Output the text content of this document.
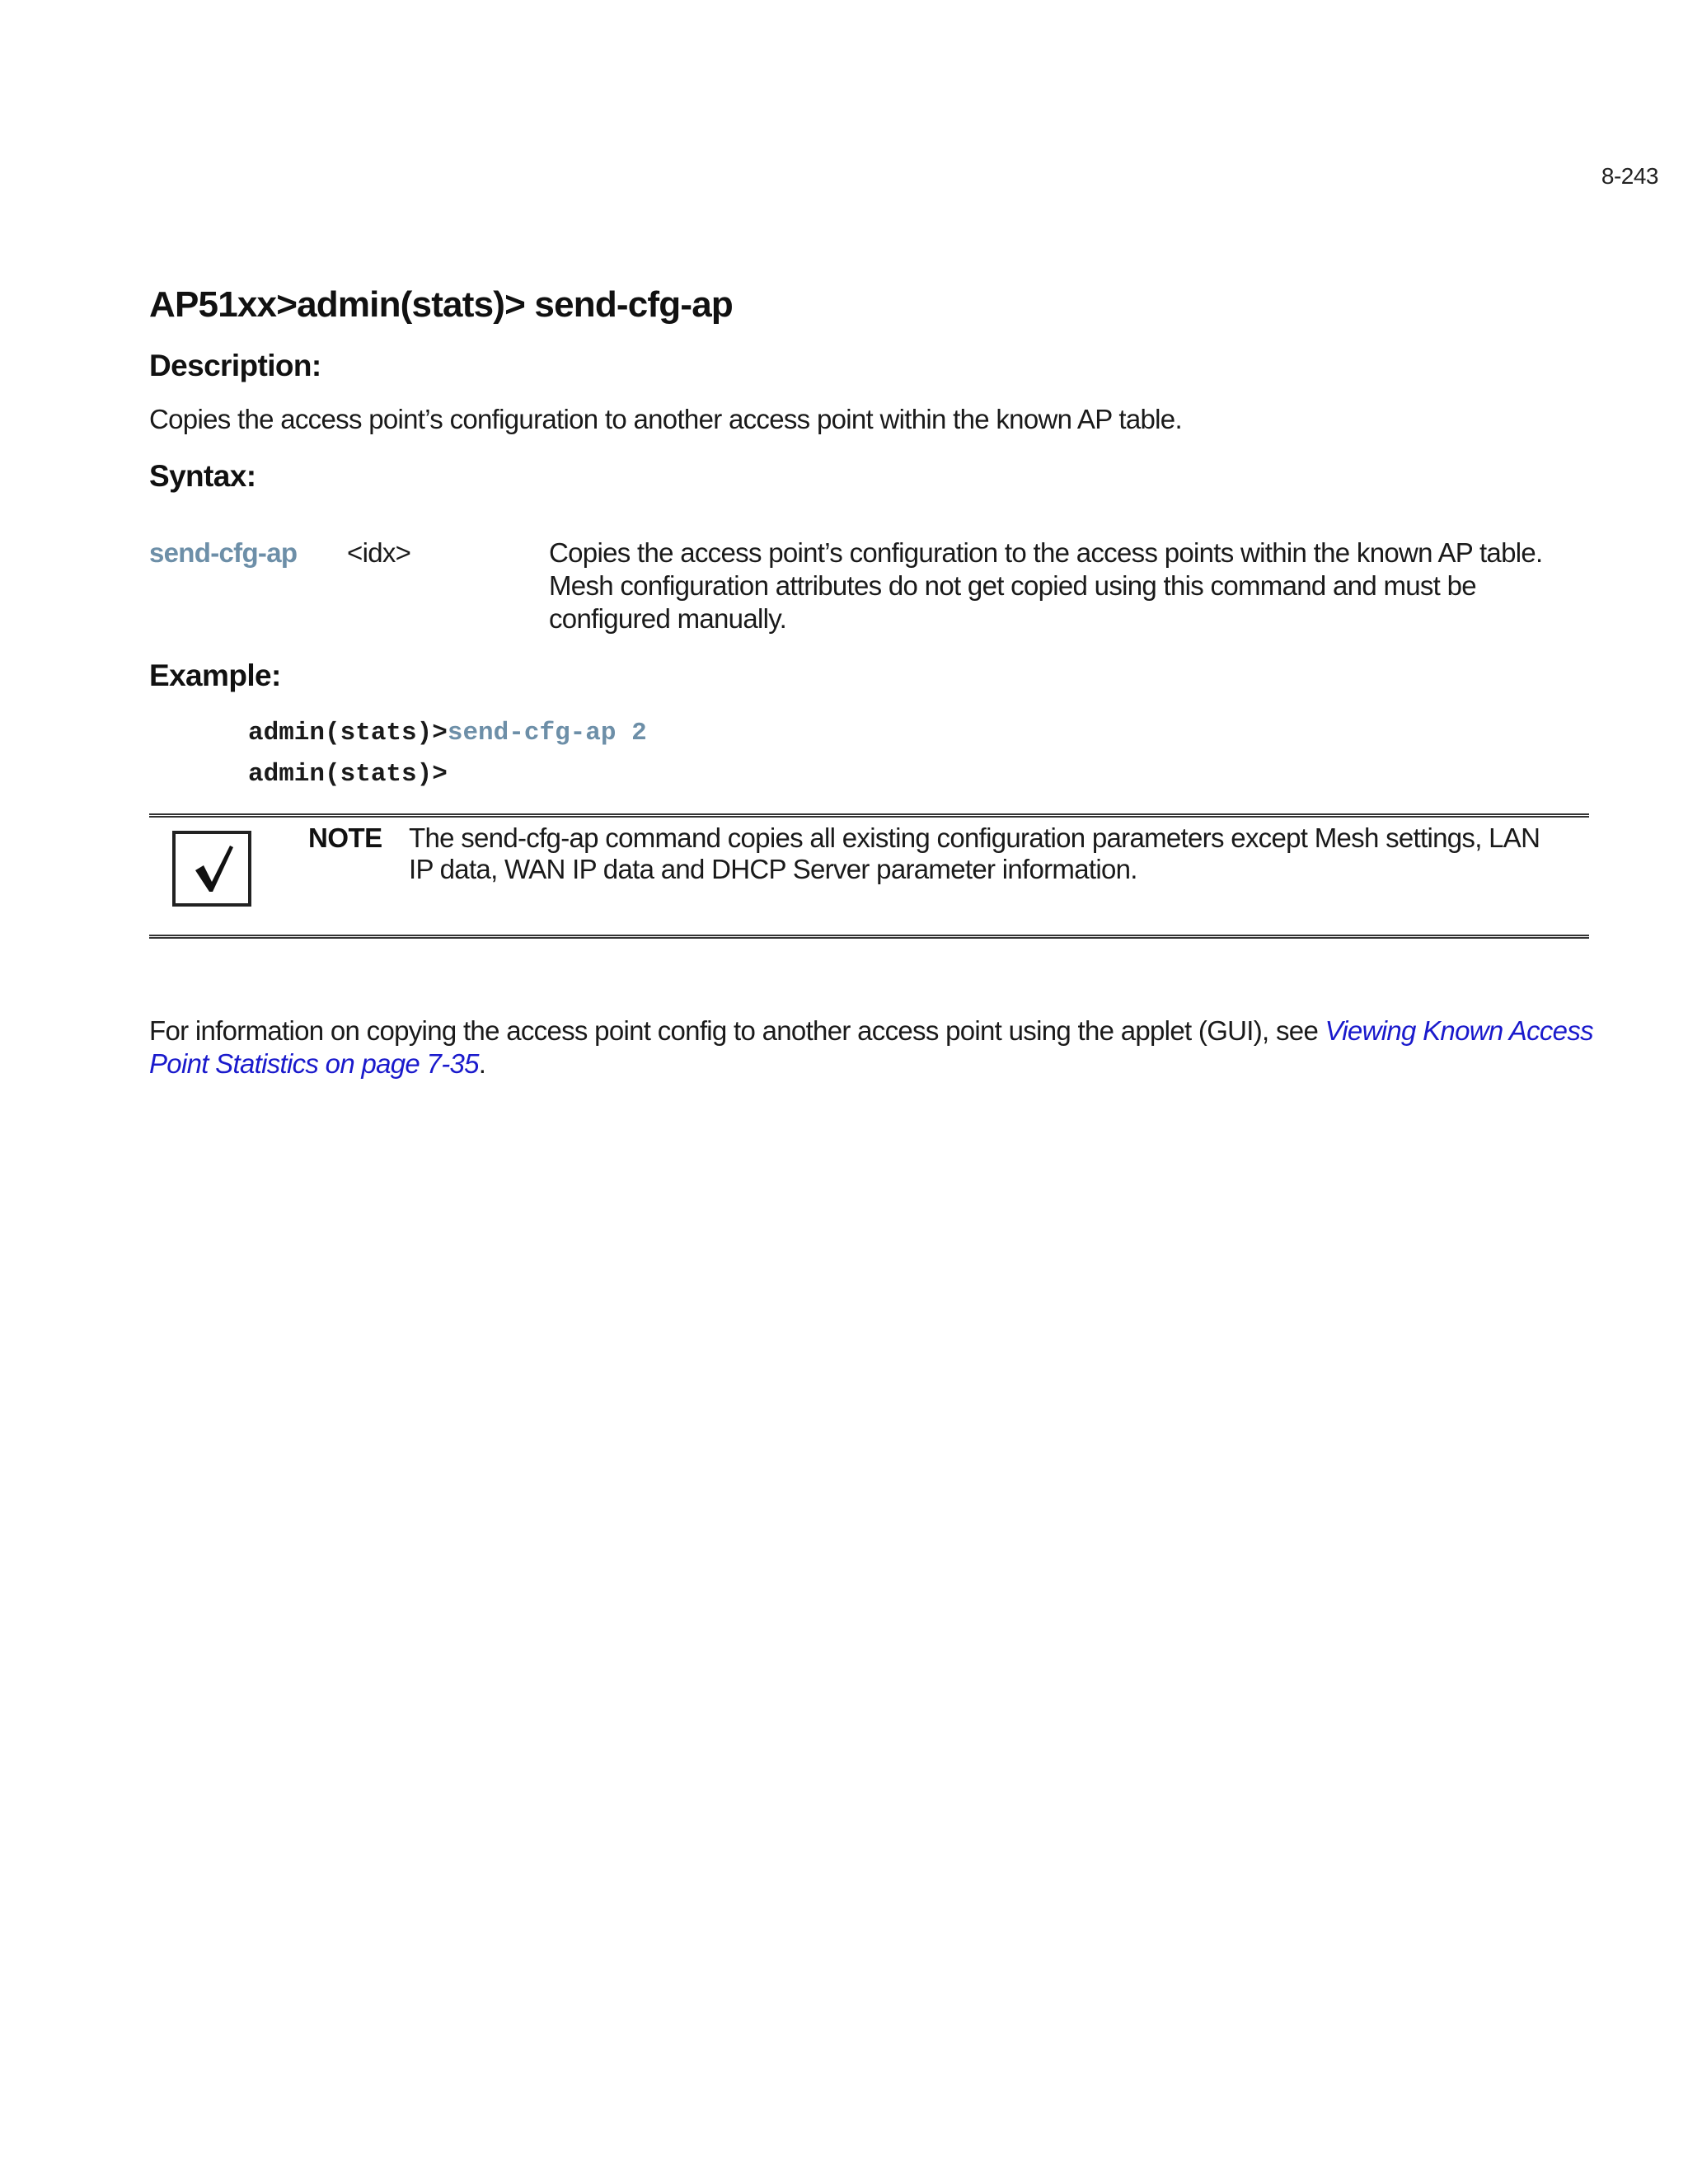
8-243
AP51xx>admin(stats)> send-cfg-ap
Description:
Copies the access point’s configuration to another access point within the known AP table.
Syntax:
send-cfg-ap	<idx>	Copies the access point’s configuration to the access points within the known AP table. Mesh configuration attributes do not get copied using this command and must be configured manually.
Example:
admin(stats)>send-cfg-ap 2
admin(stats)>
NOTE The send-cfg-ap command copies all existing configuration parameters except Mesh settings, LAN IP data, WAN IP data and DHCP Server parameter information.
For information on copying the access point config to another access point using the applet (GUI), see Viewing Known Access Point Statistics on page 7-35.
